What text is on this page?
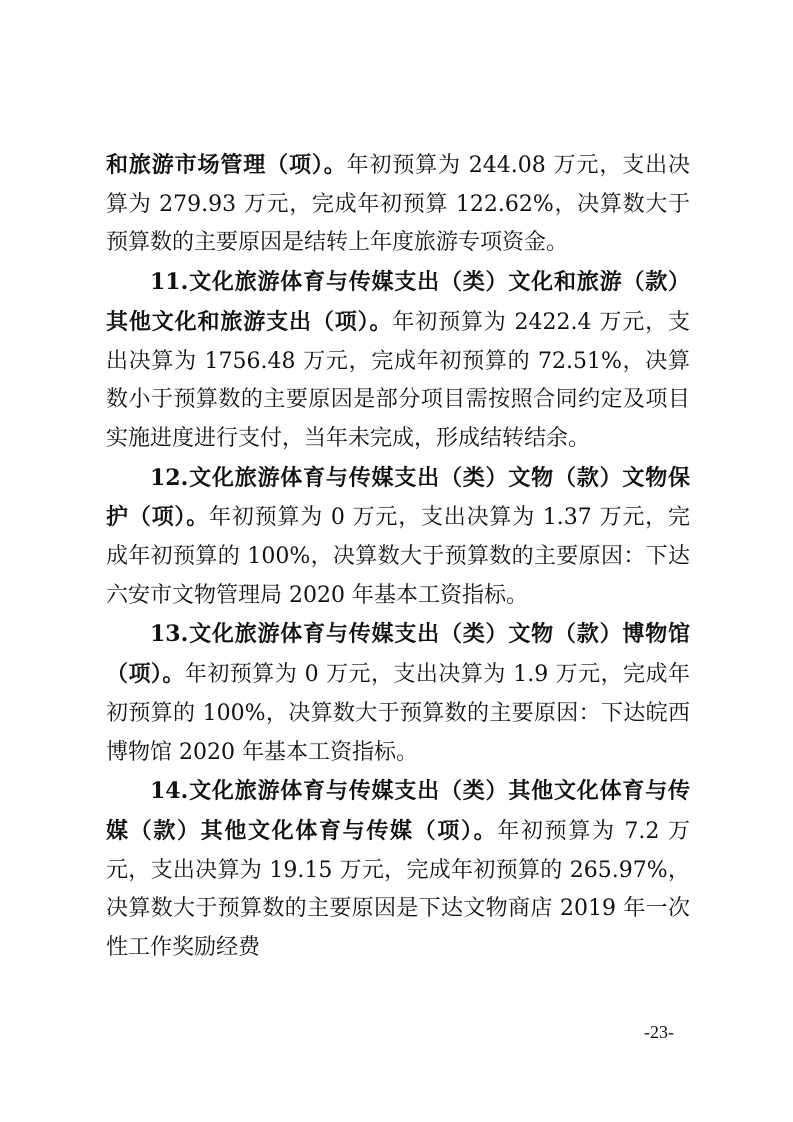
和旅游市场管理（项）。年初预算为 244.08 万元，支出决算为 279.93 万元，完成年初预算 122.62%，决算数大于预算数的主要原因是结转上年度旅游专项资金。

11.文化旅游体育与传媒支出（类）文化和旅游（款） 其他文化和旅游支出（项）。年初预算为 2422.4 万元，支出决算为 1756.48 万元，完成年初预算的 72.51%，决算数小于预算数的主要原因是部分项目需按照合同约定及项目实施进度进行支付，当年未完成，形成结转结余。

12.文化旅游体育与传媒支出（类）文物（款）文物保护（项）。年初预算为 0 万元，支出决算为 1.37 万元，完成年初预算的 100%，决算数大于预算数的主要原因：下达六安市文物管理局 2020 年基本工资指标。

13.文化旅游体育与传媒支出（类）文物（款）博物馆（项）。年初预算为 0 万元，支出决算为 1.9 万元，完成年初预算的 100%，决算数大于预算数的主要原因：下达皖西博物馆 2020 年基本工资指标。

14.文化旅游体育与传媒支出（类）其他文化体育与传媒（款）其他文化体育与传媒（项）。年初预算为 7.2 万元，支出决算为 19.15 万元，完成年初预算的 265.97%，决算数大于预算数的主要原因是下达文物商店 2019 年一次性工作奖励经费

-23-
